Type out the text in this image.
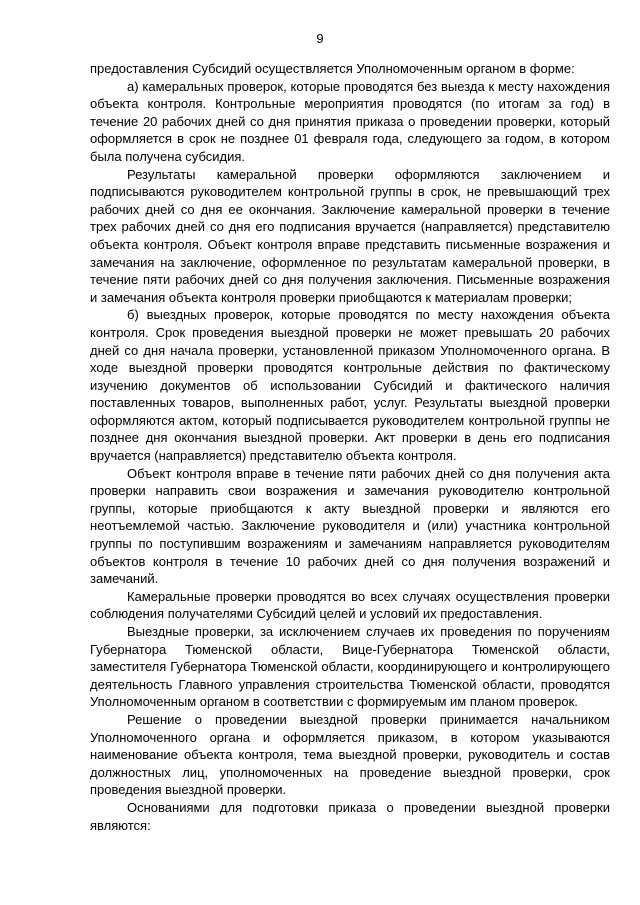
9

предоставления Субсидий осуществляется Уполномоченным органом в форме:

а) камеральных проверок, которые проводятся без выезда к месту нахождения объекта контроля. Контрольные мероприятия проводятся (по итогам за год) в течение 20 рабочих дней со дня принятия приказа о проведении проверки, который оформляется в срок не позднее 01 февраля года, следующего за годом, в котором была получена субсидия.

Результаты камеральной проверки оформляются заключением и подписываются руководителем контрольной группы в срок, не превышающий трех рабочих дней со дня ее окончания. Заключение камеральной проверки в течение трех рабочих дней со дня его подписания вручается (направляется) представителю объекта контроля. Объект контроля вправе представить письменные возражения и замечания на заключение, оформленное по результатам камеральной проверки, в течение пяти рабочих дней со дня получения заключения. Письменные возражения и замечания объекта контроля проверки приобщаются к материалам проверки;

б) выездных проверок, которые проводятся по месту нахождения объекта контроля. Срок проведения выездной проверки не может превышать 20 рабочих дней со дня начала проверки, установленной приказом Уполномоченного органа. В ходе выездной проверки проводятся контрольные действия по фактическому изучению документов об использовании Субсидий и фактического наличия поставленных товаров, выполненных работ, услуг. Результаты выездной проверки оформляются актом, который подписывается руководителем контрольной группы не позднее дня окончания выездной проверки. Акт проверки в день его подписания вручается (направляется) представителю объекта контроля.

Объект контроля вправе в течение пяти рабочих дней со дня получения акта проверки направить свои возражения и замечания руководителю контрольной группы, которые приобщаются к акту выездной проверки и являются его неотъемлемой частью. Заключение руководителя и (или) участника контрольной группы по поступившим возражениям и замечаниям направляется руководителям объектов контроля в течение 10 рабочих дней со дня получения возражений и замечаний.

Камеральные проверки проводятся во всех случаях осуществления проверки соблюдения получателями Субсидий целей и условий их предоставления.

Выездные проверки, за исключением случаев их проведения по поручениям Губернатора Тюменской области, Вице-Губернатора Тюменской области, заместителя Губернатора Тюменской области, координирующего и контролирующего деятельность Главного управления строительства Тюменской области, проводятся Уполномоченным органом в соответствии с формируемым им планом проверок.

Решение о проведении выездной проверки принимается начальником Уполномоченного органа и оформляется приказом, в котором указываются наименование объекта контроля, тема выездной проверки, руководитель и состав должностных лиц, уполномоченных на проведение выездной проверки, срок проведения выездной проверки.

Основаниями для подготовки приказа о проведении выездной проверки являются:
